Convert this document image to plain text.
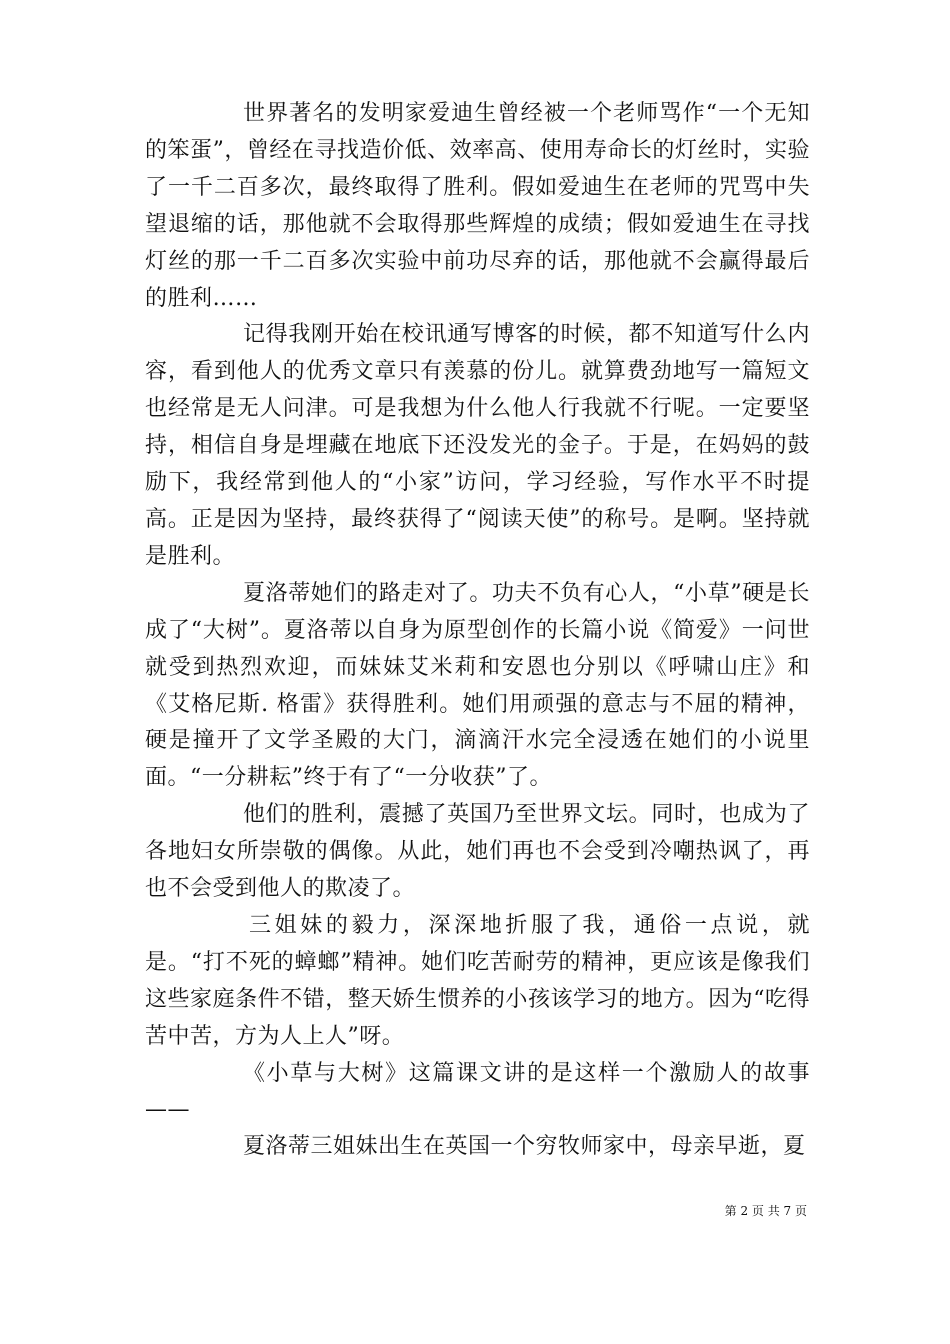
世界著名的发明家爱迪生曾经被一个老师骂作“一个无知的笨蛋”，曾经在寻找造价低、效率高、使用寿命长的灯丝时，实验了一千二百多次，最终取得了胜利。假如爱迪生在老师的咒骂中失望退缩的话，那他就不会取得那些辉煌的成绩；假如爱迪生在寻找灯丝的那一千二百多次实验中前功尽弃的话，那他就不会赢得最后的胜利……

记得我刚开始在校讯通写博客的时候，都不知道写什么内容，看到他人的优秀文章只有羡慕的份儿。就算费劲地写一篇短文也经常是无人问津。可是我想为什么他人行我就不行呢。一定要坚持，相信自身是埋藏在地底下还没发光的金子。于是，在妈妈的鼓励下，我经常到他人的“小家”访问，学习经验，写作水平不时提高。正是因为坚持，最终获得了“阅读天使”的称号。是啊。坚持就是胜利。

夏洛蒂她们的路走对了。功夫不负有心人，“小草”硬是长成了“大树”。夏洛蒂以自身为原型创作的长篇小说《简爱》一问世就受到热烈欢迎，而妹妹艾米莉和安恩也分别以《呼啸山庄》和《艾格尼斯. 格雷》获得胜利。她们用顽强的意志与不屈的精神，硬是撞开了文学圣殿的大门，滴滴汗水完全浸透在她们的小说里面。“一分耕耘”终于有了“一分收获”了。

他们的胜利，震撼了英国乃至世界文坛。同时，也成为了各地妇女所崇敬的偶像。从此，她们再也不会受到冷嘲热讽了，再也不会受到他人的欺凌了。

三姐妹的毅力，深深地折服了我，通俗一点说，就是。“打不死的蟑螂”精神。她们吃苦耐劳的精神，更应该是像我们这些家庭条件不错，整天娇生惯养的小孩该学习的地方。因为“吃得苦中苦，方为人上人”呀。

《小草与大树》这篇课文讲的是这样一个激励人的故事——

夏洛蒂三姐妹出生在英国一个穷牧师家中，母亲早逝，夏

第 2 页 共 7 页
